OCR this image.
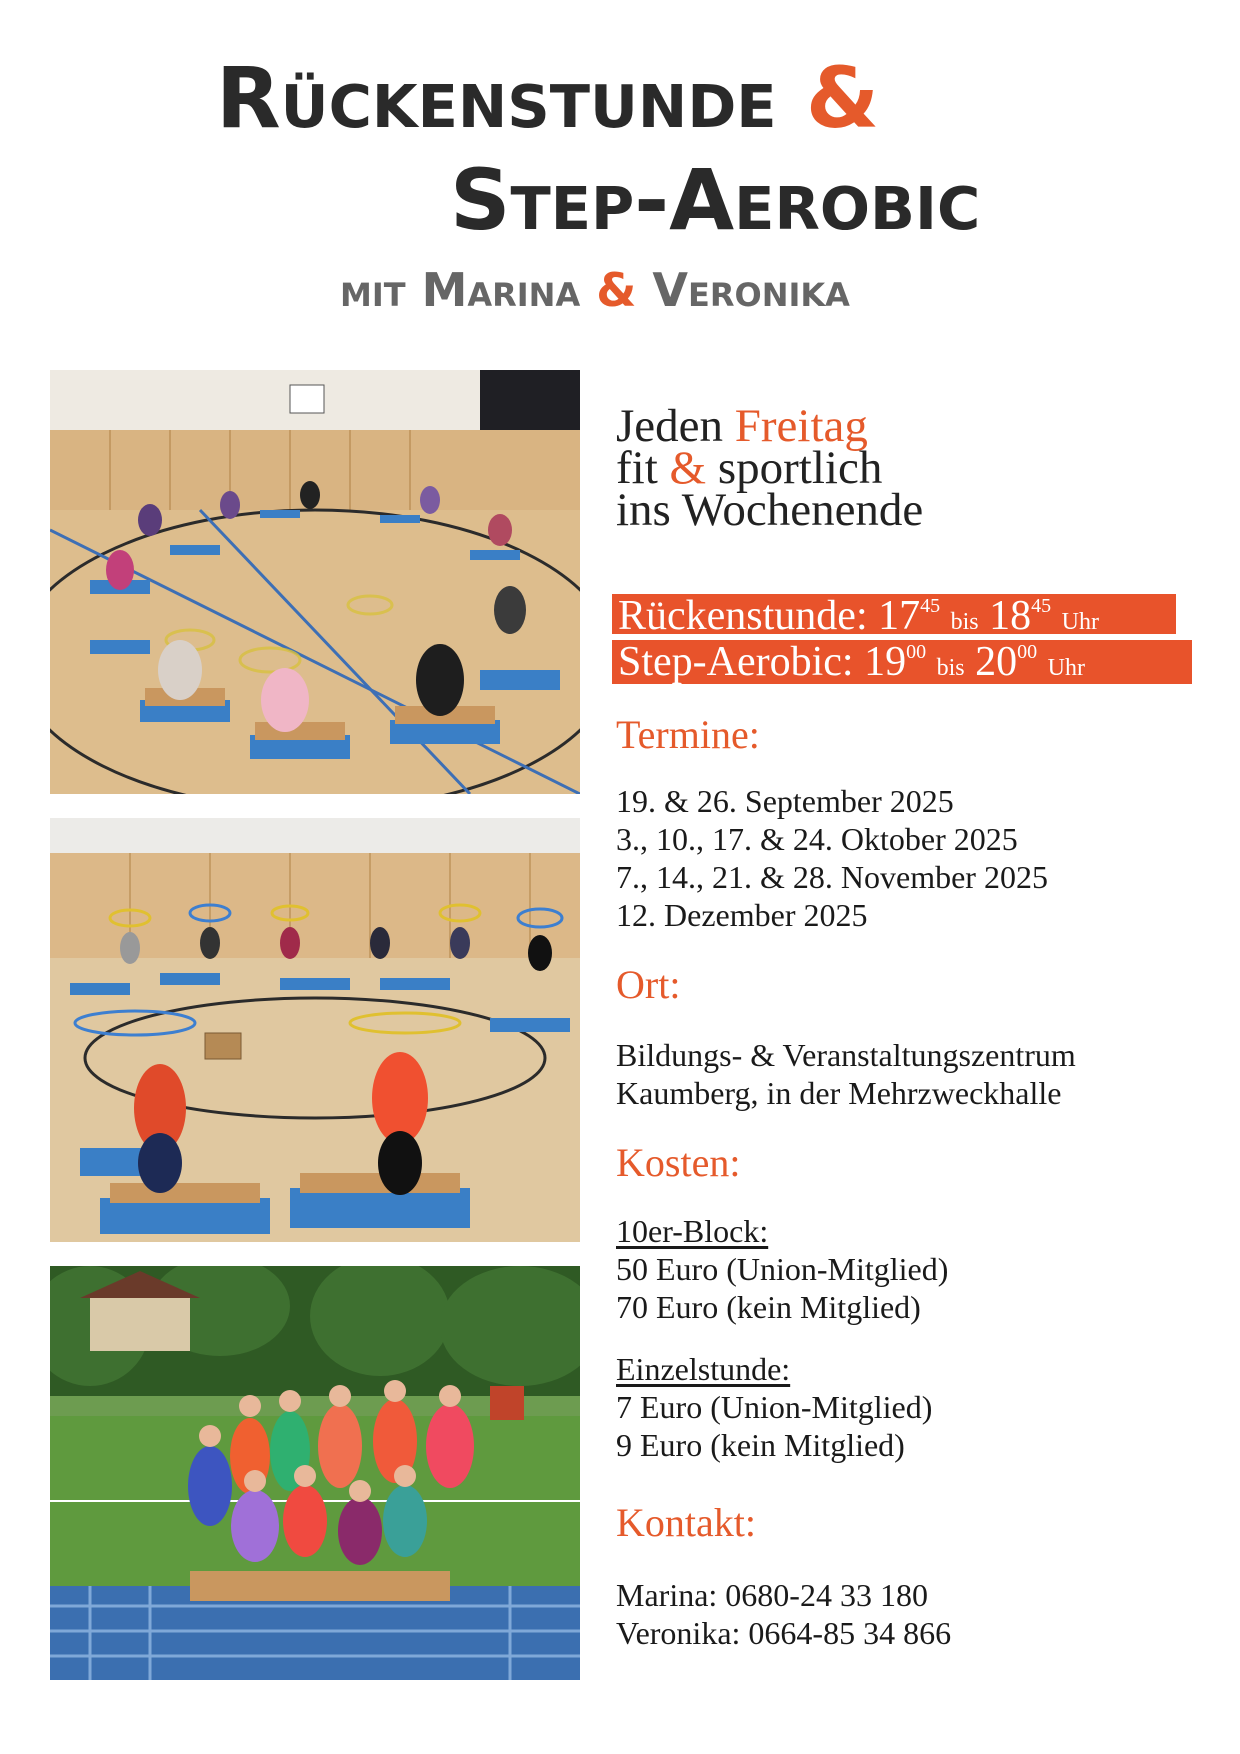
Rückenstunde &
Step-Aerobic
mit Marina & Veronika
Jeden Freitag
fit & sportlich
ins Wochenende
Rückenstunde: $17^{45}$ bis $18^{45}$ Uhr
Step-Aerobic: $19^{00}$ bis $20^{00}$ Uhr
Termine:
19. & 26. September 2025
3., 10., 17. & 24. Oktober 2025
7., 14., 21. & 28. November 2025
12. Dezember 2025
Ort:
Bildungs- & Veranstaltungszentrum
Kaumberg, in der Mehrzweckhalle
Kosten:
10er-Block:
50 Euro (Union-Mitglied)
70 Euro (kein Mitglied)
Einzelstunde:
7 Euro (Union-Mitglied)
9 Euro (kein Mitglied)
Kontakt:
Marina: 0680-24 33 180
Veronika: 0664-85 34 866
